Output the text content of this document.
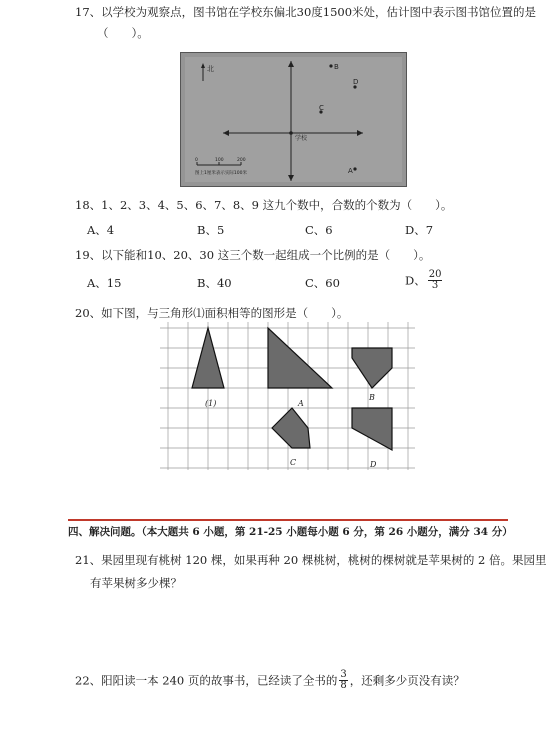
17、以学校为观察点，图书馆在学校东偏北30度1500米处，估计图中表示图书馆位置的是
（　　）。
北	B
D
C
A
学校
0	100	200
图上1厘米表示实际100米
18、1、2、3、4、5、6、7、8、9 这九个数中，合数的个数为（　　）。
A、4	B、5	C、6	D、7
19、以下能和10、20、30 这三个数一起组成一个比例的是（　　）。
A、15	B、40	C、60	D、 $\frac{20}{3}$
20、如下图，与三角形⑴面积相等的图形是（　　）。
(1)	A
B
C	D
四、解决问题。（本大题共 6 小题，第 21-25 小题每小题 6 分，第 26 小题分，满分 34 分）
21、果园里现有桃树 120 棵，如果再种 20 棵桃树，桃树的棵树就是苹果树的 2 倍。果园里
有苹果树多少棵？
22、阳阳读一本 240 页的故事书，已经读了全书的 $\frac{3}{8}$ ，还剩多少页没有读？
